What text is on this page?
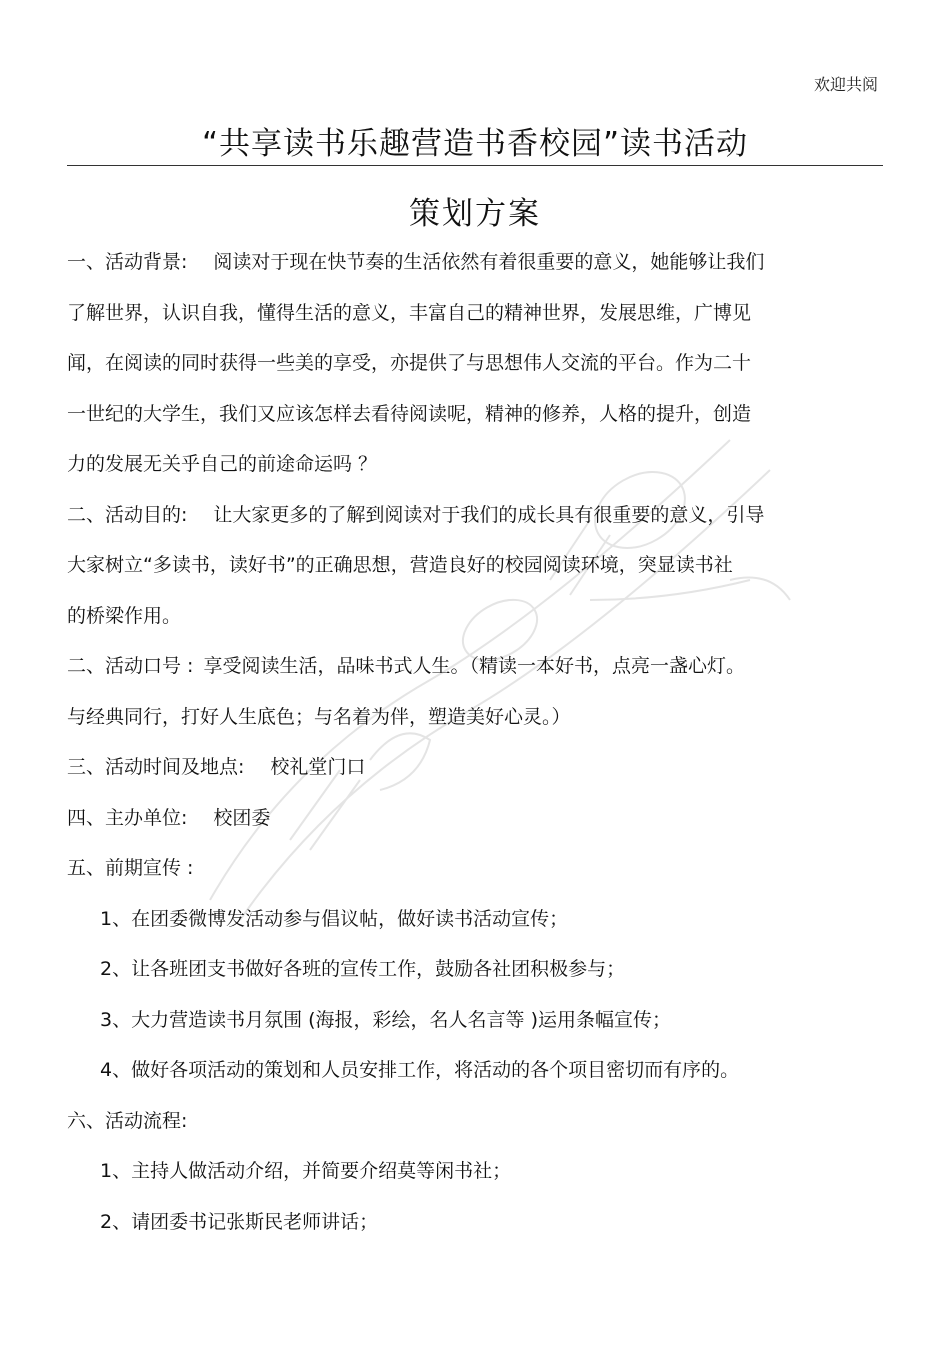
欢迎共阅
“共享读书乐趣营造书香校园”读书活动
策划方案

一、活动背景: 阅读对于现在快节奏的生活依然有着很重要的意义，她能够让我们

了解世界，认识自我，懂得生活的意义，丰富自己的精神世界，发展思维，广博见

闻，在阅读的同时获得一些美的享受，亦提供了与思想伟人交流的平台。作为二十

一世纪的大学生，我们又应该怎样去看待阅读呢，精神的修养，人格的提升，创造

力的发展无关乎自己的前途命运吗 ？

二、活动目的: 让大家更多的了解到阅读对于我们的成长具有很重要的意义，引导

大家树立“多读书，读好书”的正确思想，营造良好的校园阅读环境，突显读书社

的桥梁作用。

二、活动口号 : 享受阅读生活，品味书式人生。（精读一本好书，点亮一盏心灯。

与经典同行，打好人生底色；与名着为伴，塑造美好心灵。）

三、活动时间及地点: 校礼堂门口

四、主办单位: 校团委

五、前期宣传 :

1、在团委微博发活动参与倡议帖，做好读书活动宣传；

2、让各班团支书做好各班的宣传工作，鼓励各社团积极参与；

3、大力营造读书月氛围 (海报，彩绘，名人名言等 )运用条幅宣传；

4、做好各项活动的策划和人员安排工作，将活动的各个项目密切而有序的。

六、活动流程:

1、主持人做活动介绍，并简要介绍莫等闲书社；

2、请团委书记张斯民老师讲话；
